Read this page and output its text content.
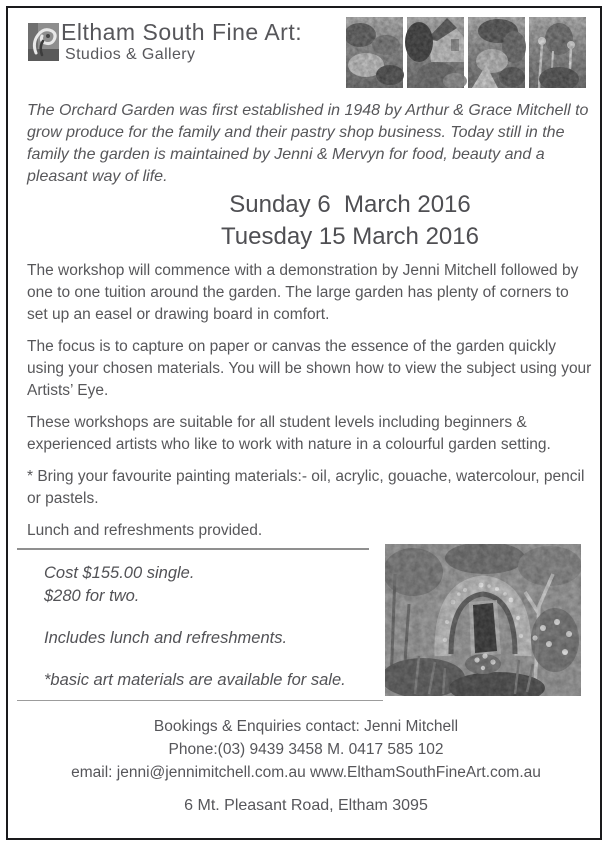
Eltham South Fine Art:
Studios & Gallery
The Orchard Garden was first established in 1948 by Arthur & Grace Mitchell to grow produce for the family and their pastry shop business. Today still in the family the garden is maintained by Jenni & Mervyn for food, beauty and a pleasant way of life.
Sunday 6  March 2016
Tuesday 15 March 2016

The workshop will commence with a demonstration by Jenni Mitchell followed by one to one tuition around the garden. The large garden has plenty of corners to set up an easel or drawing board in comfort.

The focus is to capture on paper or canvas the essence of the garden quickly using your chosen materials. You will be shown how to view the subject using your Artists’ Eye.

These workshops are suitable for all student levels including beginners & experienced artists who like to work with nature in a colourful garden setting.

* Bring your favourite painting materials:- oil, acrylic, gouache, watercolour, pencil or pastels.

Lunch and refreshments provided.

Cost $155.00 single.
$280 for two.
Includes lunch and refreshments.
*basic art materials are available for sale.
Bookings & Enquiries contact: Jenni Mitchell
Phone:(03) 9439 3458 M. 0417 585 102
email: jenni@jennimitchell.com.au www.ElthamSouthFineArt.com.au
6 Mt. Pleasant Road, Eltham 3095
